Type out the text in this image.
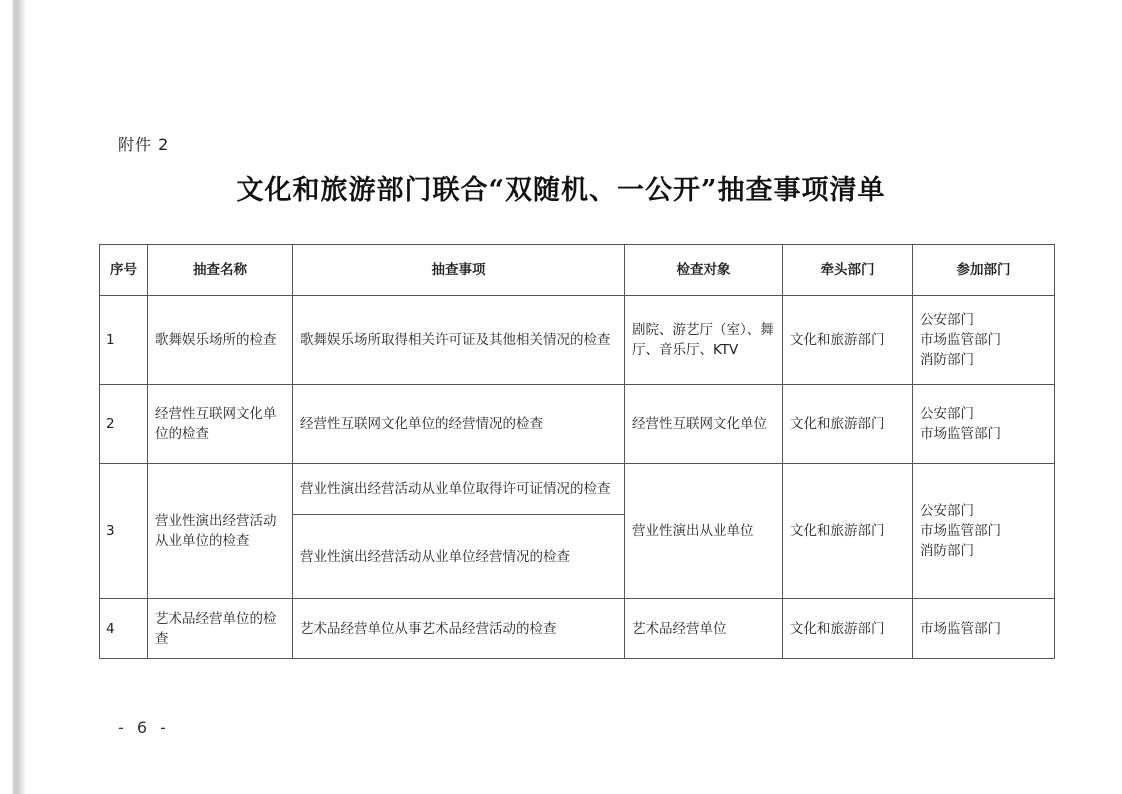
附件 2
文化和旅游部门联合“双随机、一公开”抽查事项清单
序号	抽查名称	抽查事项	检查对象	牵头部门	参加部门
1	歌舞娱乐场所的检查	歌舞娱乐场所取得相关许可证及其他相关情况的检查	剧院、游艺厅（室）、舞厅、音乐厅、KTV	文化和旅游部门	公安部门
市场监管部门
消防部门

2	经营性互联网文化单位的检查	经营性互联网文化单位的经营情况的检查	经营性互联网文化单位	文化和旅游部门	公安部门
市场监管部门

3	营业性演出经营活动从业单位的检查	营业性演出经营活动从业单位取得许可证情况的检查	营业性演出从业单位	文化和旅游部门	公安部门
市场监管部门
消防部门

		营业性演出经营活动从业单位经营情况的检查			
4	艺术品经营单位的检查	艺术品经营单位从事艺术品经营活动的检查	艺术品经营单位	文化和旅游部门	市场监管部门
- 6 -
